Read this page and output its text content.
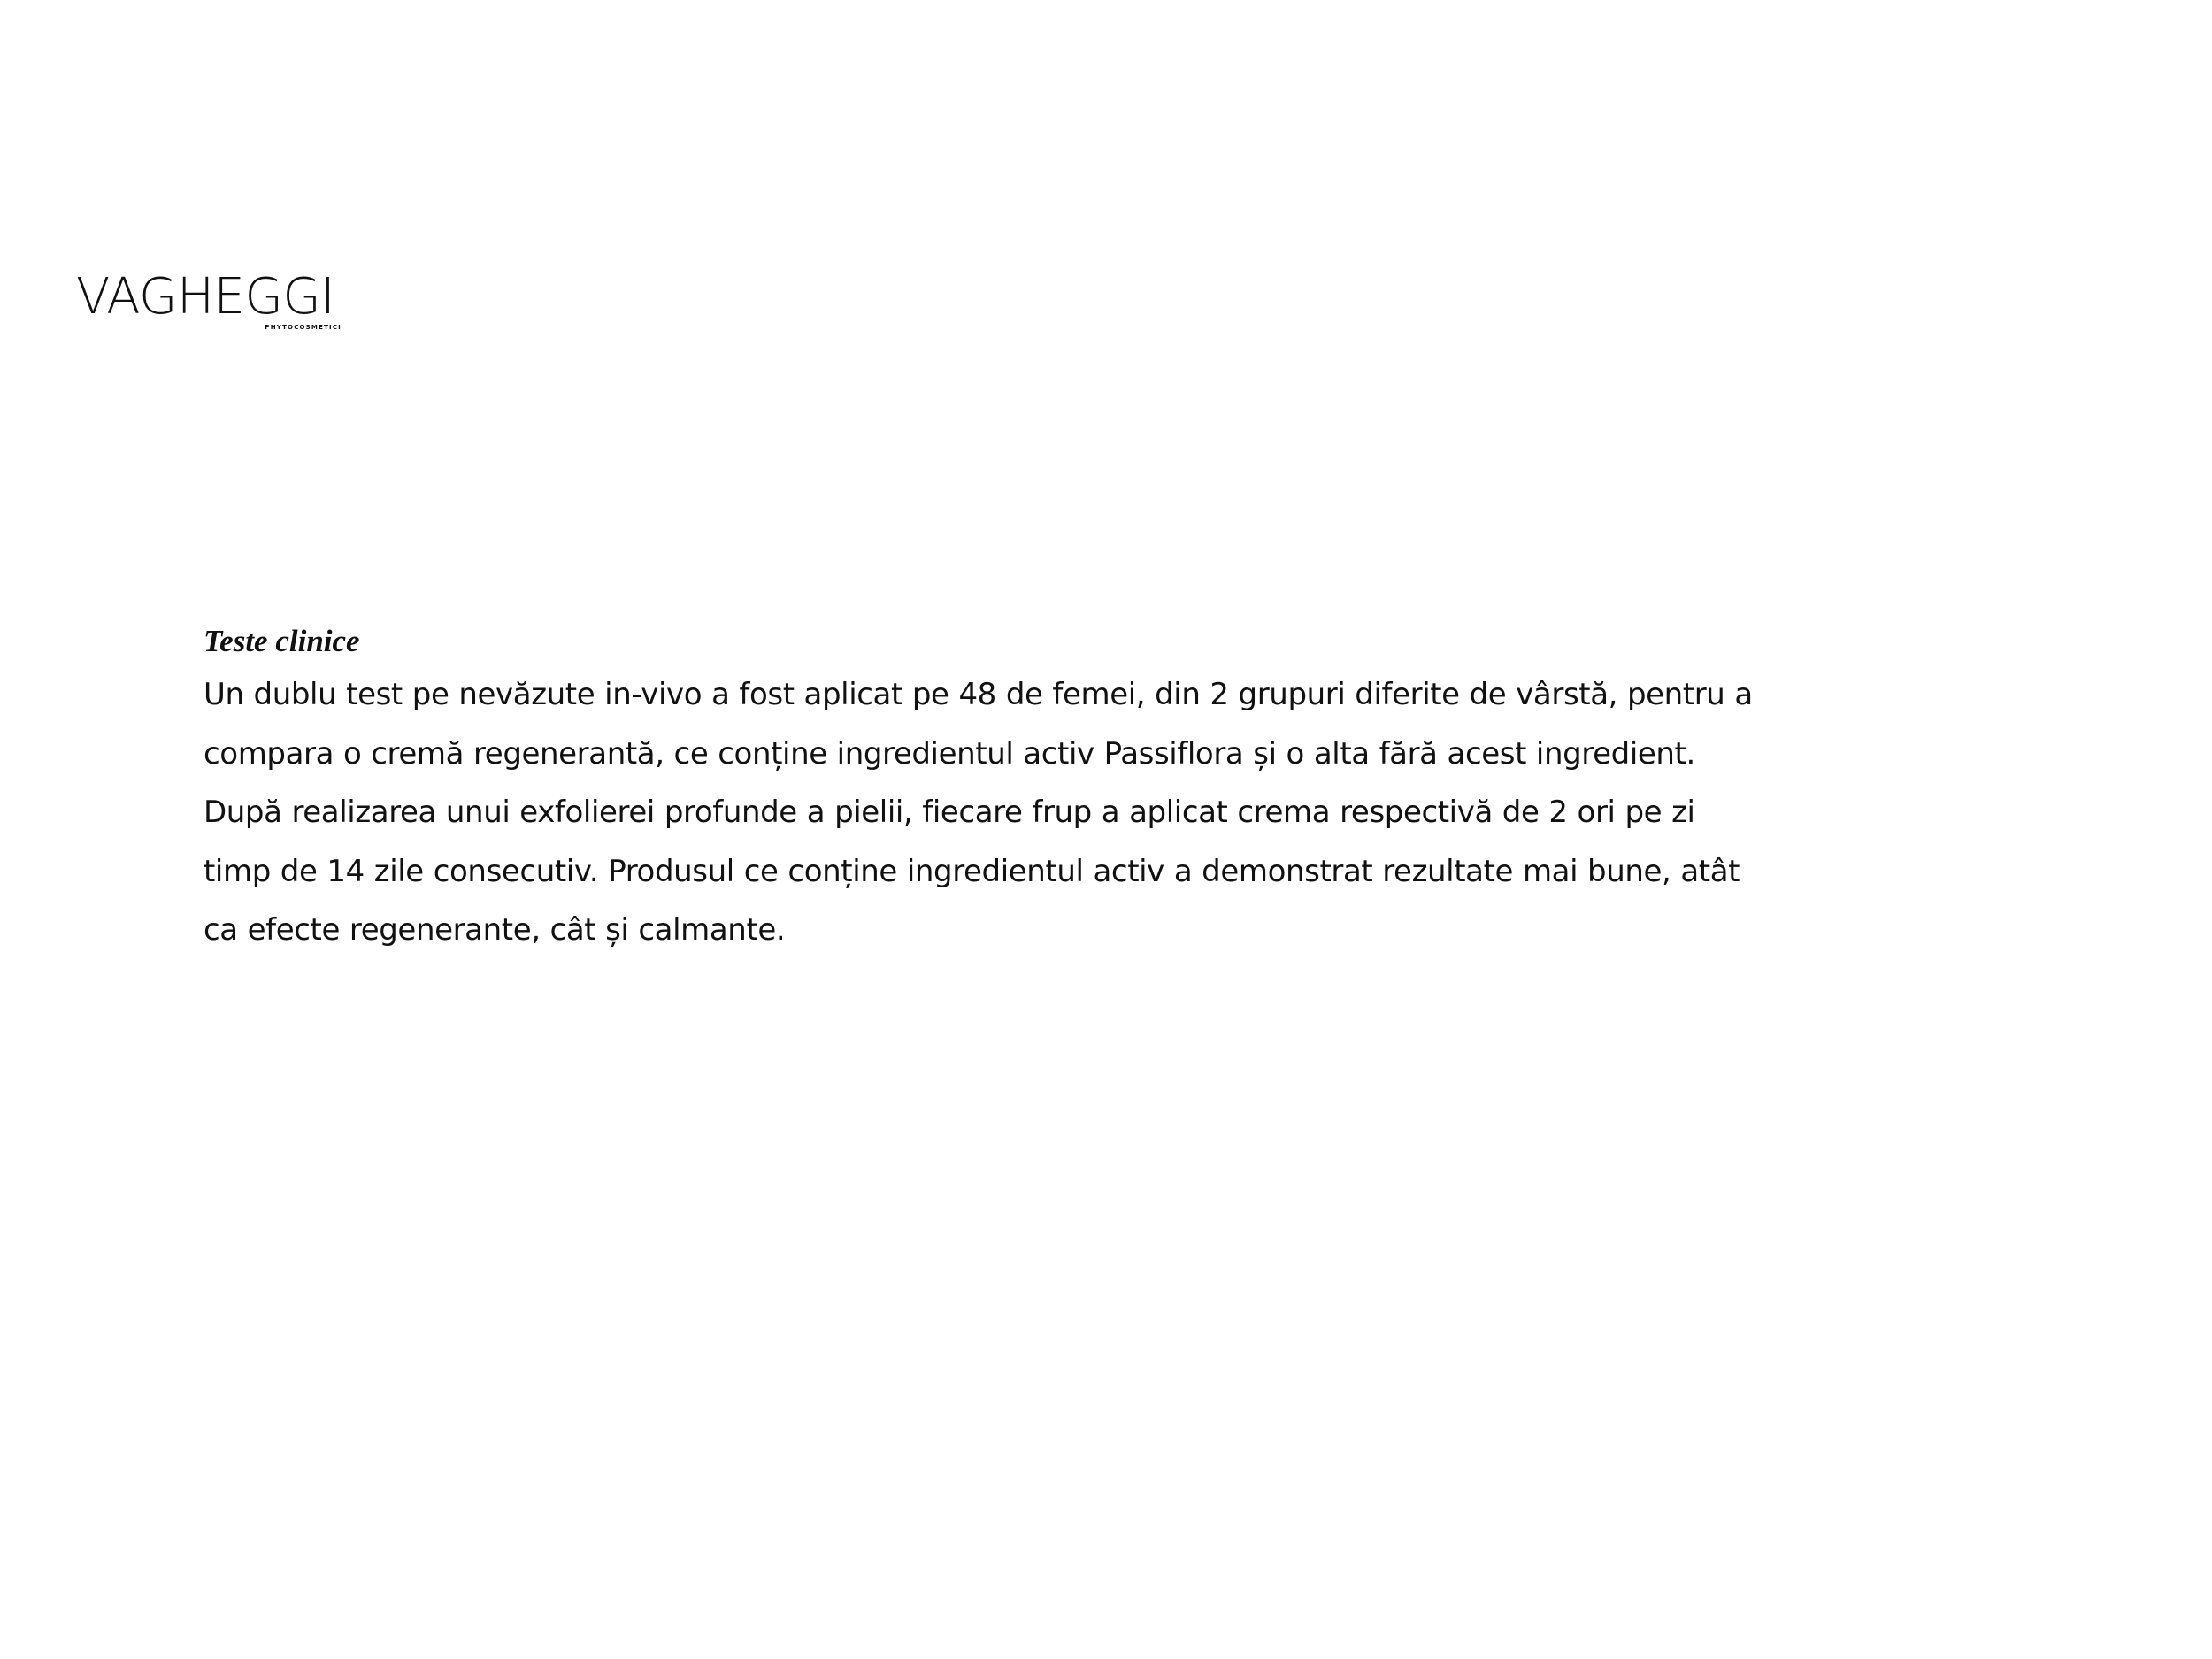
VAGHEGGI
PHYTOCOSMETICI
Teste clinice
Un dublu test pe nevăzute in-vivo a fost aplicat pe 48 de femei, din 2 grupuri diferite de vârstă, pentru a
compara o cremă regenerantă, ce conține ingredientul activ Passiflora și o alta fără acest ingredient.
După realizarea unui exfolierei profunde a pielii, fiecare frup a aplicat crema respectivă de 2 ori pe zi
timp de 14 zile consecutiv. Produsul ce conține ingredientul activ a demonstrat rezultate mai bune, atât
ca efecte regenerante, cât și calmante.
